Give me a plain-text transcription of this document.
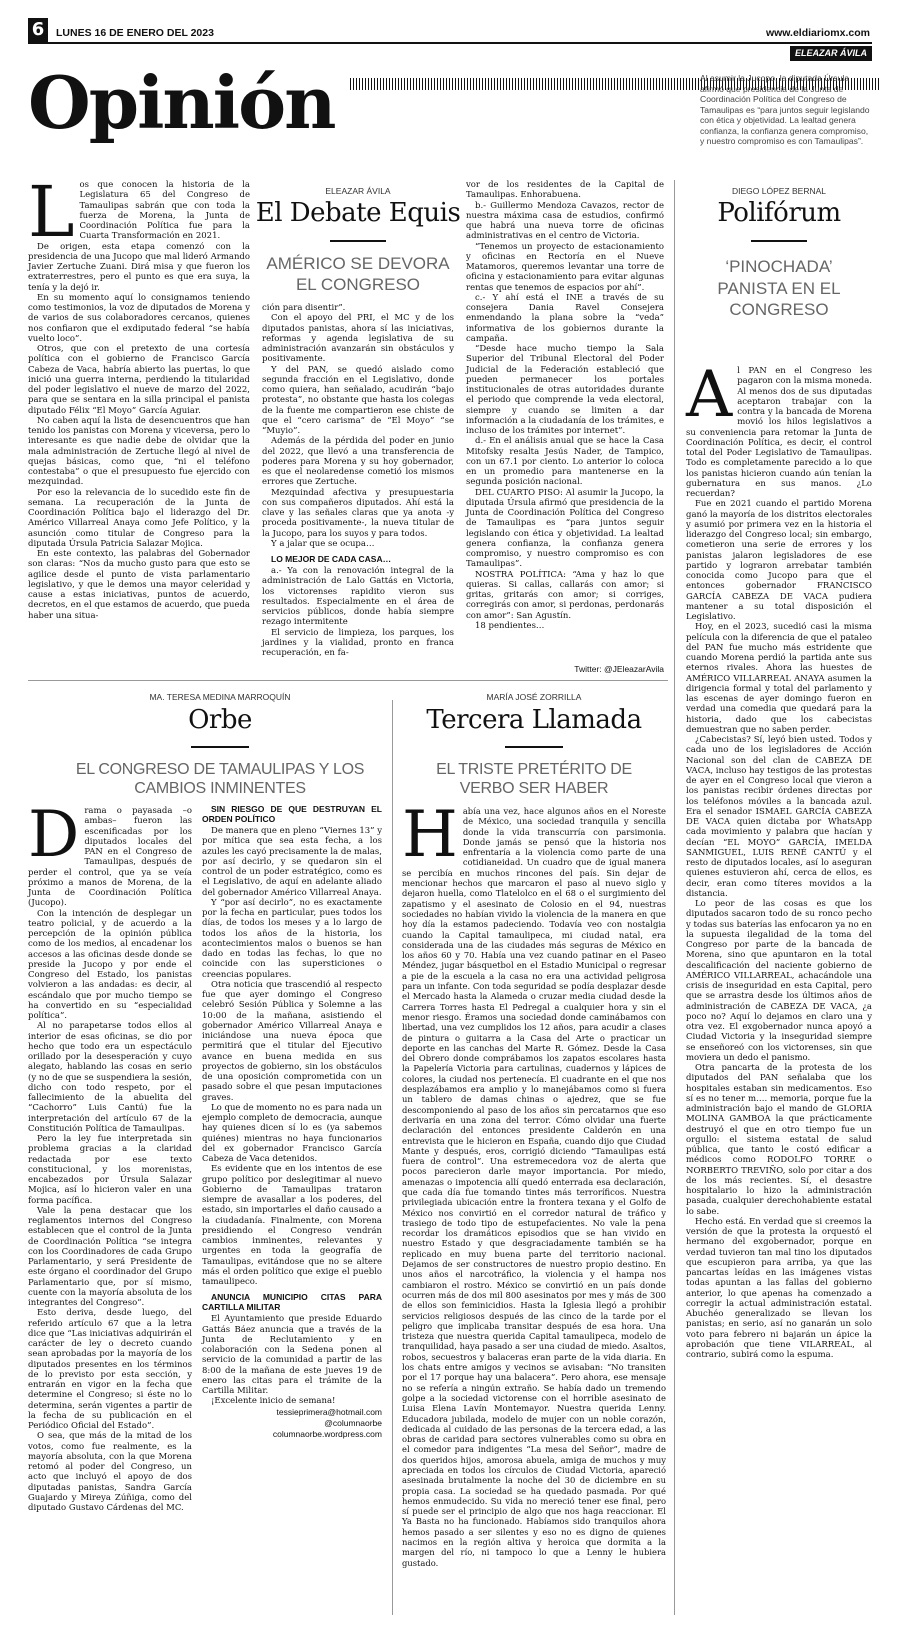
6	LUNES 16 DE ENERO DEL 2023	www.eldiariomx.com
ELEAZAR ÁVILA
Opinión	Al asumir la Jucopo, la diputada Úrsula afirmó que presidencia de la Junta de Coordinación Política del Congreso de Tamaulipas es “para juntos seguir legislando con ética y objetividad. La lealtad genera confianza, la confianza genera compromiso, y nuestro compromiso es con Tamaulipas”.
L os que conocen la historia de la Legislatura 65 del Congreso de Tamaulipas sabrán que con toda la fuerza de Morena, la Junta de Coordinación Política fue para la Cuarta Transformación en 2021.

De origen, esta etapa comenzó con la presidencia de una Jucopo que mal lideró Armando Javier Zertuche Zuani. Dirá misa y que fueron los extraterrestres, pero el punto es que era suya, la tenía y la dejó ir.

En su momento aquí lo consignamos teniendo como testimonios, la voz de diputados de Morena y de varios de sus colaboradores cercanos, quienes nos confiaron que el exdiputado federal “se había vuelto loco”.

Otros, que con el pretexto de una cortesía política con el gobierno de Francisco García Cabeza de Vaca, habría abierto las puertas, lo que inició una guerra interna, perdiendo la titularidad del poder legislativo el nueve de marzo del 2022, para que se sentara en la silla principal el panista diputado Félix “El Moyo” García Aguiar.

No caben aquí la lista de desencuentros que han tenido los panistas con Morena y viceversa, pero lo interesante es que nadie debe de olvidar que la mala administración de Zertuche llegó al nivel de quejas básicas, como que, “ni el teléfono contestaba” o que el presupuesto fue ejercido con mezquindad.

Por eso la relevancia de lo sucedido este fin de semana. La recuperación de la Junta de Coordinación Política bajo el liderazgo del Dr. Américo Villarreal Anaya como Jefe Político, y la asunción como titular de Congreso para la diputada Úrsula Patricia Salazar Mojica.

En este contexto, las palabras del Gobernador son claras: “Nos da mucho gusto para que esto se agilice desde el punto de vista parlamentario legislativo, y que le demos una mayor celeridad y cause a estas iniciativas, puntos de acuerdo, decretos, en el que estamos de acuerdo, que pueda haber una situa-

ELEAZAR ÁVILA
El Debate Equis
AMÉRICO SE DEVORA EL CONGRESO

ción para disentir”.

Con el apoyo del PRI, el MC y de los diputados panistas, ahora sí las iniciativas, reformas y agenda legislativa de su administración avanzarán sin obstáculos y positivamente.

Y del PAN, se quedó aislado como segunda fracción en el Legislativo, donde como quiera, han señalado, acudirán “bajo protesta”, no obstante que hasta los colegas de la fuente me compartieron ese chiste de que el “cero carisma” de “El Moyo” “se “Muyio”.

Además de la pérdida del poder en junio del 2022, que llevó a una transferencia de poderes para Morena y su hoy gobernador, es que el neolaredense cometió los mismos errores que Zertuche.

Mezquindad afectiva y presupuestaria con sus compañeros diputados. Ahí está la clave y las señales claras que ya anota -y proceda positivamente-, la nueva titular de la Jucopo, para los suyos y para todos.

Y a jalar que se ocupa…

LO MEJOR DE CADA CASA…

a.- Ya con la renovación integral de la administración de Lalo Gattás en Victoria, los victorenses rapidito vieron sus resultados. Especialmente en el área de servicios públicos, donde había siempre rezago intermitente

El servicio de limpieza, los parques, los jardines y la vialidad, pronto en franca recuperación, en fa-

vor de los residentes de la Capital de Tamaulipas. Enhorabuena.

b.- Guillermo Mendoza Cavazos, rector de nuestra máxima casa de estudios, confirmó que habrá una nueva torre de oficinas administrativas en el centro de Victoria.

“Tenemos un proyecto de estacionamiento y oficinas en Rectoría en el Nueve Matamoros, queremos levantar una torre de oficina y estacionamiento para evitar algunas rentas que tenemos de espacios por ahí”.

c.- Y ahí está el INE a través de su consejera Dania Ravel Consejera enmendando la plana sobre la “veda” informativa de los gobiernos durante la campaña.

“Desde hace mucho tiempo la Sala Superior del Tribunal Electoral del Poder Judicial de la Federación estableció que pueden permanecer los portales institucionales de otras autoridades durante el periodo que comprende la veda electoral, siempre y cuando se limiten a dar información a la ciudadanía de los trámites, e incluso de los trámites por internet”.

d.- En el análisis anual que se hace la Casa Mitofsky resalta Jesús Nader, de Tampico, con un 67.1 por ciento. Lo anterior lo coloca en un promedio para mantenerse en la segunda posición nacional.

DEL CUARTO PISO: Al asumir la Jucopo, la diputada Úrsula afirmó que presidencia de la Junta de Coordinación Política del Congreso de Tamaulipas es “para juntos seguir legislando con ética y objetividad. La lealtad genera confianza, la confianza genera compromiso, y nuestro compromiso es con Tamaulipas”.

NOSTRA POLÍTICA: “Ama y haz lo que quieras. Si callas, callarás con amor; si gritas, gritarás con amor; si corriges, corregirás con amor, si perdonas, perdonarás con amor”: San Agustín.

18 pendientes…

Twitter: @JEleazarAvila
DIEGO LÓPEZ BERNAL
Polifórum
‘PINOCHADA’ PANISTA EN EL CONGRESO
A l PAN en el Congreso les pagaron con la misma moneda. Al menos dos de sus diputadas aceptaron trabajar con la contra y la bancada de Morena movió los hilos legislativos a su conveniencia para retomar la Junta de Coordinación Política, es decir, el control total del Poder Legislativo de Tamaulipas. Todo es completamente parecido a lo que los panistas hicieron cuando aún tenían la gubernatura en sus manos. ¿Lo recuerdan?

Fue en 2021 cuando el partido Morena ganó la mayoría de los distritos electorales y asumió por primera vez en la historia el liderazgo del Congreso local; sin embargo, cometieron una serie de errores y los panistas jalaron legisladores de ese partido y lograron arrebatar también conocida como Jucopo para que el entonces gobernador FRANCISCO GARCÍA CABEZA DE VACA pudiera mantener a su total disposición el Legislativo.

Hoy, en el 2023, sucedió casi la misma película con la diferencia de que el pataleo del PAN fue mucho más estridente que cuando Morena perdió la partida ante sus eternos rivales. Ahora las huestes de AMÉRICO VILLARREAL ANAYA asumen la dirigencia formal y total del parlamento y las escenas de ayer domingo fueron en verdad una comedia que quedará para la historia, dado que los cabecistas demuestran que no saben perder.

¿Cabecistas? Sí, leyó bien usted. Todos y cada uno de los legisladores de Acción Nacional son del clan de CABEZA DE VACA, incluso hay testigos de las protestas de ayer en el Congreso local que vieron a los panistas recibir órdenes directas por los teléfonos móviles a la bancada azul. Era el senador ISMAEL GARCÍA CABEZA DE VACA quien dictaba por WhatsApp cada movimiento y palabra que hacían y decían “EL MOYO” GARCÍA, IMELDA SANMIGUEL, LUIS RENÉ CANTÚ y el resto de diputados locales, así lo aseguran quienes estuvieron ahí, cerca de ellos, es decir, eran como títeres movidos a la distancia.

Lo peor de las cosas es que los diputados sacaron todo de su ronco pecho y todas sus baterías las enfocaron ya no en la supuesta ilegalidad de la toma del Congreso por parte de la bancada de Morena, sino que apuntaron en la total descalificación del naciente gobierno de AMÉRICO VILLARREAL, achacándole una crisis de inseguridad en esta Capital, pero que se arrastra desde los últimos años de administración de CABEZA DE VACA, ¿a poco no? Aquí lo dejamos en claro una y otra vez. El exgobernador nunca apoyó a Ciudad Victoria y la inseguridad siempre se enseñoreó con los victorenses, sin que moviera un dedo el panismo.

Otra pancarta de la protesta de los diputados del PAN señalaba que los hospitales estaban sin medicamentos. Eso sí es no tener m…. memoria, porque fue la administración bajo el mando de GLORIA MOLINA GAMBOA la que prácticamente destruyó el que en otro tiempo fue un orgullo: el sistema estatal de salud pública, que tanto le costó edificar a médicos como RODOLFO TORRE o NORBERTO TREVIÑO, solo por citar a dos de los más recientes. Sí, el desastre hospitalario lo hizo la administración pasada, cualquier derechohabiente estatal lo sabe.

Hecho está. En verdad que si creemos la versión de que la protesta la orquestó el hermano del exgobernador, porque en verdad tuvieron tan mal tino los diputados que escupieron para arriba, ya que las pancartas leídas en las imágenes vistas todas apuntan a las fallas del gobierno anterior, lo que apenas ha comenzado a corregir la actual administración estatal. Abuchéo generalizado se llevan los panistas; en serio, así no ganarán un solo voto para febrero ni bajarán un ápice la aprobación que tiene VILARREAL, al contrario, subirá como la espuma.

MA. TERESA MEDINA MARROQUÍN
Orbe
EL CONGRESO DE TAMAULIPAS Y LOS CAMBIOS INMINENTES
D rama o payasada –o ambas– fueron las escenificadas por los diputados locales del PAN en el Congreso de Tamaulipas, después de perder el control, que ya se veía próximo a manos de Morena, de la Junta de Coordinación Política (Jucopo).

Con la intención de desplegar un teatro policial, y de acuerdo a la percepción de la opinión pública como de los medios, al encadenar los accesos a las oficinas desde donde se preside la Jucopo y por ende el Congreso del Estado, los panistas volvieron a las andadas: es decir, al escándalo que por mucho tiempo se ha convertido en su “especialidad política”.

Al no parapetarse todos ellos al interior de esas oficinas, se dio por hecho que todo era un espectáculo orillado por la desesperación y cuyo alegato, hablando las cosas en serio (y no de que se suspendiera la sesión, dicho con todo respeto, por el fallecimiento de la abuelita del “Cachorro” Luis Cantú) fue la interpretación del artículo 67 de la Constitución Política de Tamaulipas.

Pero la ley fue interpretada sin problema gracias a la claridad redactada por ese texto constitucional, y los morenistas, encabezados por Úrsula Salazar Mojica, así lo hicieron valer en una forma pacífica.

Vale la pena destacar que los reglamentos internos del Congreso establecen que el control de la Junta de Coordinación Política “se integra con los Coordinadores de cada Grupo Parlamentario, y será Presidente de este órgano el coordinador del Grupo Parlamentario que, por sí mismo, cuente con la mayoría absoluta de los integrantes del Congreso”.

Esto deriva, desde luego, del referido artículo 67 que a la letra dice que “Las iniciativas adquirirán el carácter de ley o decreto cuando sean aprobadas por la mayoría de los diputados presentes en los términos de lo previsto por esta sección, y entrarán en vigor en la fecha que determine el Congreso; si éste no lo determina, serán vigentes a partir de la fecha de su publicación en el Periódico Oficial del Estado”.

O sea, que más de la mitad de los votos, como fue realmente, es la mayoría absoluta, con la que Morena retomó al poder del Congreso, un acto que incluyó el apoyo de dos diputadas panistas, Sandra García Guajardo y Mireya Zúñiga, como del diputado Gustavo Cárdenas del MC.

SIN RIESGO DE QUE DESTRUYAN EL ORDEN POLÍTICO

De manera que en pleno “Viernes 13” y por mítica que sea esta fecha, a los azules les cayó precisamente la de malas, por así decirlo, y se quedaron sin el control de un poder estratégico, como es el Legislativo, de aquí en adelante aliado del gobernador Américo Villarreal Anaya.

Y “por así decirlo”, no es exactamente por la fecha en particular, pues todos los días, de todos los meses y a lo largo de todos los años de la historia, los acontecimientos malos o buenos se han dado en todas las fechas, lo que no coincide con las supersticiones o creencias populares.

Otra noticia que trascendió al respecto fue que ayer domingo el Congreso celebró Sesión Pública y Solemne a las 10:00 de la mañana, asistiendo el gobernador Américo Villarreal Anaya e iniciándose una nueva época que permitirá que el titular del Ejecutivo avance en buena medida en sus proyectos de gobierno, sin los obstáculos de una oposición comprometida con un pasado sobre el que pesan imputaciones graves.

Lo que de momento no es para nada un ejemplo completo de democracia, aunque hay quienes dicen sí lo es (ya sabemos quiénes) mientras no haya funcionarios del ex gobernador Francisco García Cabeza de Vaca detenidos.

Es evidente que en los intentos de ese grupo político por deslegitimar al nuevo Gobierno de Tamaulipas trataron siempre de avasallar a los poderes, del estado, sin importarles el daño causado a la ciudadanía. Finalmente, con Morena presidiendo el Congreso vendrán cambios inminentes, relevantes y urgentes en toda la geografía de Tamaulipas, evitándose que no se altere más el orden político que exige el pueblo tamaulipeco.

ANUNCIA MUNICIPIO CITAS PARA CARTILLA MILITAR

El Ayuntamiento que preside Eduardo Gattás Báez anuncia que a través de la Junta de Reclutamiento y en colaboración con la Sedena ponen al servicio de la comunidad a partir de las 8:00 de la mañana de este jueves 19 de enero las citas para el trámite de la Cartilla Militar.

¡Excelente inicio de semana!

tessieprimera@hotmail.com

@columnaorbe

columnaorbe.wordpress.com

MARÍA JOSÉ ZORRILLA
Tercera Llamada
EL TRISTE PRETÉRITO DE VERBO SER HABER
H abía una vez, hace algunos años en el Noreste de México, una sociedad tranquila y sencilla donde la vida transcurría con parsimonia. Donde jamás se pensó que la historia nos enfrentaría a la violencia como parte de una cotidianeidad. Un cuadro que de igual manera se percibía en muchos rincones del país. Sin dejar de mencionar hechos que marcaron el paso al nuevo siglo y dejaron huella, como Tlatelolco en el 68 o el surgimiento del zapatismo y el asesinato de Colosio en el 94, nuestras sociedades no habían vivido la violencia de la manera en que hoy día la estamos padeciendo. Todavía veo con nostalgia cuando la Capital tamaulipeca, mi ciudad natal, era considerada una de las ciudades más seguras de México en los años 60 y 70. Había una vez cuando patinar en el Paseo Méndez, jugar básquetbol en el Estadio Municipal o regresar a pie de la escuela a la casa no era una actividad peligrosa para un infante. Con toda seguridad se podía desplazar desde el Mercado hasta la Alameda o cruzar media ciudad desde la Carrera Torres hasta El Pedregal a cualquier hora y sin el menor riesgo. Éramos una sociedad donde caminábamos con libertad, una vez cumplidos los 12 años, para acudir a clases de pintura o guitarra a la Casa del Arte o practicar un deporte en las canchas del Marte R. Gómez. Desde la Casa del Obrero donde comprábamos los zapatos escolares hasta la Papelería Victoria para cartulinas, cuadernos y lápices de colores, la ciudad nos pertenecía. El cuadrante en el que nos desplazábamos era amplio y lo manejábamos como si fuera un tablero de damas chinas o ajedrez, que se fue descomponiendo al paso de los años sin percatarnos que eso derivaría en una zona del terror. Cómo olvidar una fuerte declaración del entonces presidente Calderón en una entrevista que le hicieron en España, cuando dijo que Ciudad Mante y después, eros, corrigió diciendo “Tamaulipas está fuera de control”. Una estremecedora voz de alerta que pocos parecieron darle mayor importancia. Por miedo, amenazas o impotencia allí quedó enterrada esa declaración, que cada día fue tomando tintes más terroríficos. Nuestra privilegiada ubicación entre la frontera texana y el Golfo de México nos convirtió en el corredor natural de tráfico y trasiego de todo tipo de estupefacientes. No vale la pena recordar los dramáticos episodios que se han vivido en nuestro Estado y que desgraciadamente también se ha replicado en muy buena parte del territorio nacional. Dejamos de ser constructores de nuestro propio destino. En unos años el narcotráfico, la violencia y el hampa nos cambiaron el rostro. México se convirtió en un país donde ocurren más de dos mil 800 asesinatos por mes y más de 300 de ellos son feminicidios. Hasta la Iglesia llegó a prohibir servicios religiosos después de las cinco de la tarde por el peligro que implicaba transitar después de esa hora. Una tristeza que nuestra querida Capital tamaulipeca, modelo de tranquilidad, haya pasado a ser una ciudad de miedo. Asaltos, robos, secuestros y balaceras eran parte de la vida diaria. En los chats entre amigos y vecinos se avisaban: “No transiten por el 17 porque hay una balacera”. Pero ahora, ese mensaje no se refería a ningún extraño. Se había dado un tremendo golpe a la sociedad victorense con el horrible asesinato de Luisa Elena Lavín Montemayor. Nuestra querida Lenny. Educadora jubilada, modelo de mujer con un noble corazón, dedicada al cuidado de las personas de la tercera edad, a las obras de caridad para sectores vulnerables como su obra en el comedor para indigentes “La mesa del Señor”, madre de dos queridos hijos, amorosa abuela, amiga de muchos y muy apreciada en todos los círculos de Ciudad Victoria, apareció asesinada brutalmente la noche del 30 de diciembre en su propia casa. La sociedad se ha quedado pasmada. Por qué hemos enmudecido. Su vida no mereció tener ese final, pero sí puede ser el principio de algo que nos haga reaccionar. El Ya Basta no ha funcionado. Habíamos sido tranquilos ahora hemos pasado a ser silentes y eso no es digno de quienes nacimos en la región altiva y heroica que dormita a la margen del río, ni tampoco lo que a Lenny le hubiera gustado.
